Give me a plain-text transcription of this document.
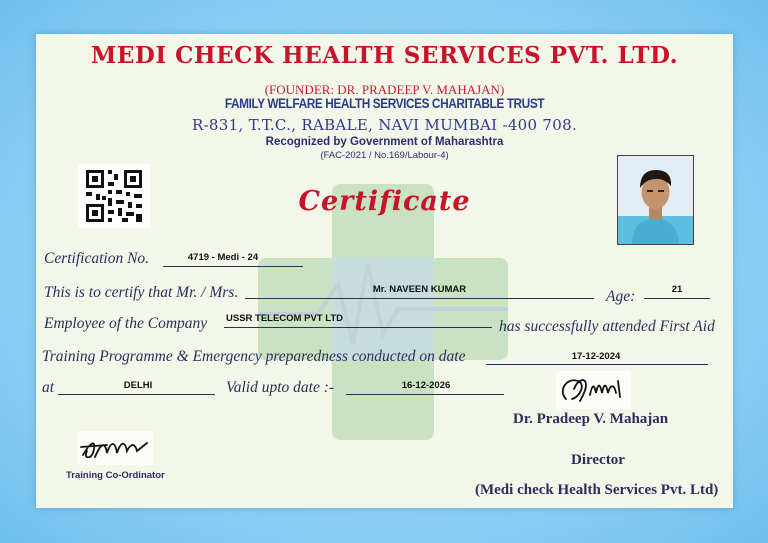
MEDI CHECK HEALTH SERVICES PVT. LTD.
(FOUNDER: DR. PRADEEP V. MAHAJAN)
FAMILY WELFARE HEALTH SERVICES CHARITABLE TRUST
R-831, T.T.C., RABALE, NAVI MUMBAI -400 708.
Recognized by Government of Maharashtra
(FAC-2021 / No.169/Labour-4)
Certificate
Certification No.	4719 - Medi - 24
This is to certify that Mr. / Mrs.	Mr. NAVEEN KUMAR	Age:	21
Employee of the Company USSR TELECOM PVT LTD	has successfully attended First Aid
Training Programme & Emergency preparedness conducted on date	17-12-2024
at	DELHI	Valid upto date :-	16-12-2026
Dr. Pradeep V. Mahajan
Director
(Medi check Health Services Pvt. Ltd)
Training Co-Ordinator
